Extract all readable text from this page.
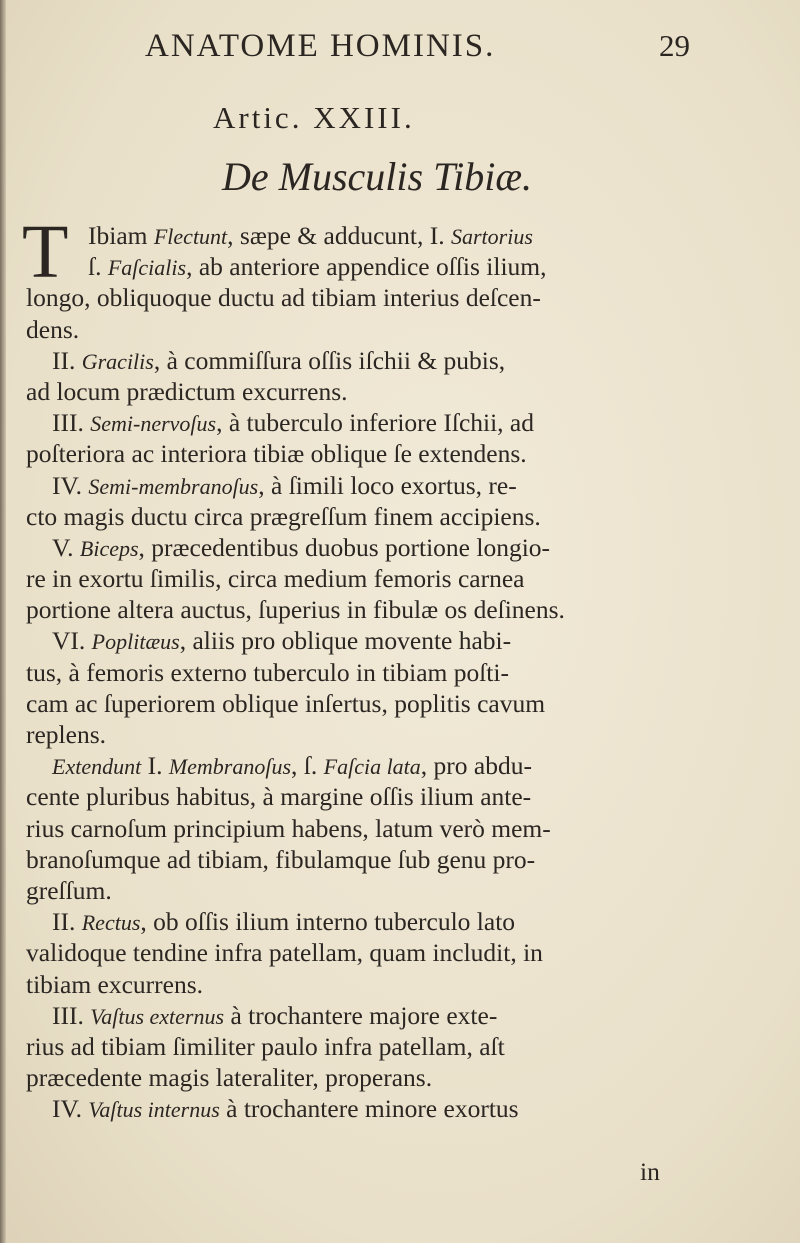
ANATOME HOMINIS.	29
Artic. XXIII.
De Musculis Tibiæ.
T Ibiam Flectunt, sæpe & adducunt, I. Sartorius
ſ. Faſcialis, ab anteriore appendice oſſis ilium,
longo, obliquoque ductu ad tibiam interius deſcen-
dens.
II. Gracilis, à commiſſura oſſis iſchii & pubis,
ad locum prædictum excurrens.
III. Semi-nervoſus, à tuberculo inferiore Iſchii, ad
poſteriora ac interiora tibiæ oblique ſe extendens.
IV. Semi-membranoſus, à ſimili loco exortus, re-
cto magis ductu circa prægreſſum finem accipiens.
V. Biceps, præcedentibus duobus portione longio-
re in exortu ſimilis, circa medium femoris carnea
portione altera auctus, ſuperius in fibulæ os deſinens.
VI. Poplitæus, aliis pro oblique movente habi-
tus, à femoris externo tuberculo in tibiam poſti-
cam ac ſuperiorem oblique inſertus, poplitis cavum
replens.
Extendunt I. Membranoſus, ſ. Faſcia lata, pro abdu-
cente pluribus habitus, à margine oſſis ilium ante-
rius carnoſum principium habens, latum verò mem-
branoſumque ad tibiam, fibulamque ſub genu pro-
greſſum.
II. Rectus, ob oſſis ilium interno tuberculo lato
validoque tendine infra patellam, quam includit, in
tibiam excurrens.
III. Vaſtus externus à trochantere majore exte-
rius ad tibiam ſimiliter paulo infra patellam, aſt
præcedente magis lateraliter, properans.
IV. Vaſtus internus à trochantere minore exortus
in
